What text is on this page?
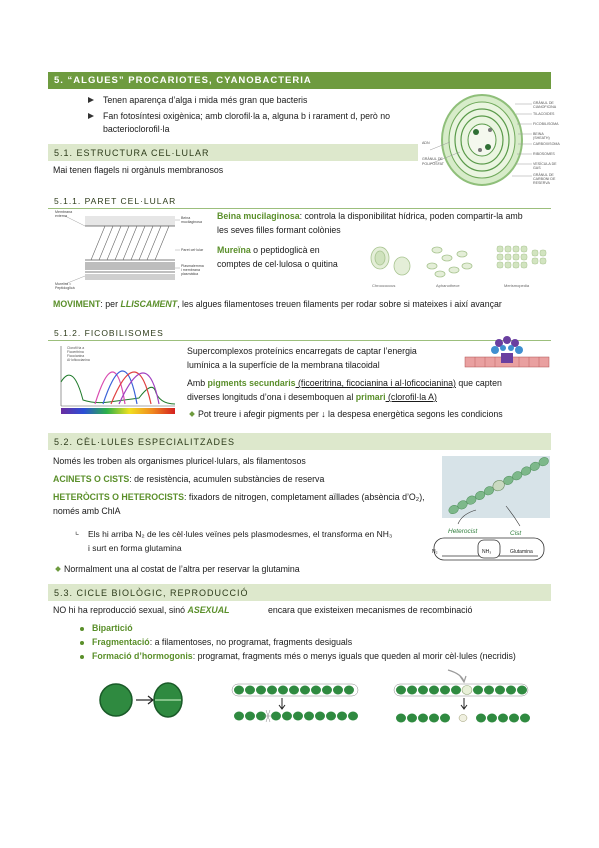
5. “ALGUES” PROCARIOTES, CYANOBACTERIA
Tenen aparença d’alga i mida més gran que bacteris
Fan fotosíntesi oxigènica; amb clorofil·la a, alguna b i rarament d, però no
bacterioclorofil·la
ADN
GRÀNUL DE POLIFOSFAT
GRÀNUL DE CIANOFICINA
TILACOIDES
FICOBILISOMA
BEINA (SHEATH)
CARBOXISOMA
RIBOSOMES
VESÍCULA DE GAS
GRÀNUL DE CARBONI DE RESERVA
5.1. ESTRUCTURA CEL·LULAR
Mai tenen flagels ni orgànuls membranosos
5.1.1. PARET CEL·LULAR
Membrana externa	Beina mucilaginosa
Paret cel·lular
Plasmalemma i membrana plasmàtica
Mureïna = Peptidoglicà
Beina mucilaginosa: controla la disponibilitat hídrica, poden compartir-la amb
les seves filles formant colònies
Mureïna o peptidoglicà en
comptes de cel·lulosa o quitina
Chroococcus	Aphanothece	Merismopedia
MOVIMENT: per LLISCAMENT, les algues filamentoses treuen filaments per rodar sobre si mateixes i així avançar
5.1.2. FICOBILISOMES
Clorofil·la a
Ficoeritrina
Ficocianina
Al·loficocianina
Supercomplexos proteínics encarregats de captar l’energia
lumínica a la superfície de la membrana tilacoidal
Amb pigments secundaris (ficoeritrina, ficocianina i al·loficocianina) que capten
diverses longituds d’ona i desemboquen al primari (clorofil·la A)
Pot treure i afegir pigments per ↓ la despesa energètica segons les condicions
5.2. CÈL·LULES ESPECIALITZADES
Només les troben als organismes pluricel·lulars, als filamentosos
ACINETS O CISTS: de resistència, acumulen substàncies de reserva
HETERÒCITS O HETEROCISTS: fixadors de nitrogen, completament aïllades (absència d’O₂),
només amb ChlA
⌞ Els hi arriba N₂ de les cèl·lules veïnes pels plasmodesmes, el transforma en NH₃
i surt en forma glutamina
Normalment una al costat de l’altra per reservar la glutamina
Heterocist	Cist
N₂	NH₃	Glutamina
5.3. CICLE BIOLÒGIC, REPRODUCCIÓ
NO hi ha reproducció sexual, sinó ASEXUAL	encara que existeixen mecanismes de recombinació
Bipartició
Fragmentació: a filamentoses, no programat, fragments desiguals
Formació d’hormogonis: programat, fragments més o menys iguals que queden al morir cèl·lules (necridis)
